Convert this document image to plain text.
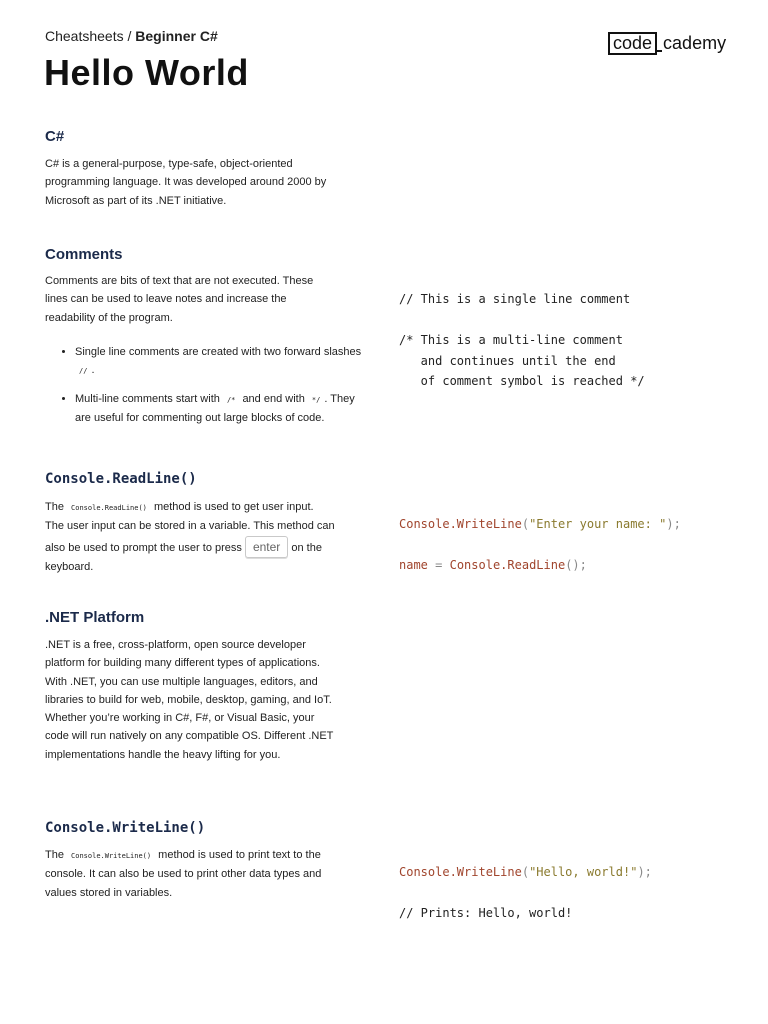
Cheatsheets / Beginner C#
Hello World
code cademy
C#

C# is a general-purpose, type-safe, object-oriented programming language. It was developed around 2000 by Microsoft as part of its .NET initiative.

Comments

Comments are bits of text that are not executed. These lines can be used to leave notes and increase the readability of the program.

• Single line comments are created with two forward slashes // .
• Multi-line comments start with /* and end with */ . They are useful for commenting out large blocks of code.
// This is a single line comment

/* This is a multi-line comment
and continues until the end
of comment symbol is reached */
Console.ReadLine()

The Console.ReadLine() method is used to get user input. The user input can be stored in a variable. This method can also be used to prompt the user to press enter on the keyboard.

Console.WriteLine("Enter your name: ");

name = Console.ReadLine();
.NET Platform

.NET is a free, cross-platform, open source developer platform for building many different types of applications. With .NET, you can use multiple languages, editors, and libraries to build for web, mobile, desktop, gaming, and IoT. Whether you’re working in C#, F#, or Visual Basic, your code will run natively on any compatible OS. Different .NET implementations handle the heavy lifting for you.

Console.WriteLine()

The Console.WriteLine() method is used to print text to the console. It can also be used to print other data types and values stored in variables.

Console.WriteLine("Hello, world!");

// Prints: Hello, world!
